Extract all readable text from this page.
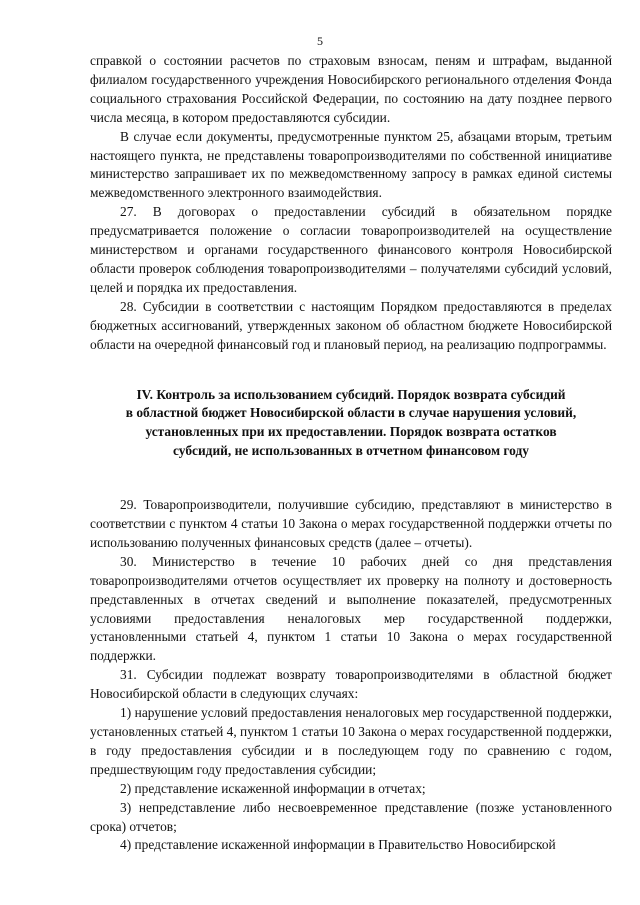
5

справкой о состоянии расчетов по страховым взносам, пеням и штрафам, выданной филиалом государственного учреждения Новосибирского регионального отделения Фонда социального страхования Российской Федерации, по состоянию на дату позднее первого числа месяца, в котором предоставляются субсидии.

В случае если документы, предусмотренные пунктом 25, абзацами вторым, третьим настоящего пункта, не представлены товаропроизводителями по собственной инициативе министерство запрашивает их по межведомственному запросу в рамках единой системы межведомственного электронного взаимодействия.

27. В договорах о предоставлении субсидий в обязательном порядке предусматривается положение о согласии товаропроизводителей на осуществление министерством и органами государственного финансового контроля Новосибирской области проверок соблюдения товаропроизводителями – получателями субсидий условий, целей и порядка их предоставления.

28. Субсидии в соответствии с настоящим Порядком предоставляются в пределах бюджетных ассигнований, утвержденных законом об областном бюджете Новосибирской области на очередной финансовый год и плановый период, на реализацию подпрограммы.

IV. Контроль за использованием субсидий. Порядок возврата субсидий
в областной бюджет Новосибирской области в случае нарушения условий,
установленных при их предоставлении. Порядок возврата остатков
субсидий, не использованных в отчетном финансовом году

29. Товаропроизводители, получившие субсидию, представляют в министерство в соответствии с пунктом 4 статьи 10 Закона о мерах государственной поддержки отчеты по использованию полученных финансовых средств (далее – отчеты).

30. Министерство в течение 10 рабочих дней со дня представления товаропроизводителями отчетов осуществляет их проверку на полноту и достоверность представленных в отчетах сведений и выполнение показателей, предусмотренных условиями предоставления неналоговых мер государственной поддержки, установленными статьей 4, пунктом 1 статьи 10 Закона о мерах государственной поддержки.

31. Субсидии подлежат возврату товаропроизводителями в областной бюджет Новосибирской области в следующих случаях:

1) нарушение условий предоставления неналоговых мер государственной поддержки, установленных статьей 4, пунктом 1 статьи 10 Закона о мерах государственной поддержки, в году предоставления субсидии и в последующем году по сравнению с годом, предшествующим году предоставления субсидии;

2) представление искаженной информации в отчетах;

3) непредставление либо несвоевременное представление (позже установленного срока) отчетов;

4) представление искаженной информации в Правительство Новосибирской
